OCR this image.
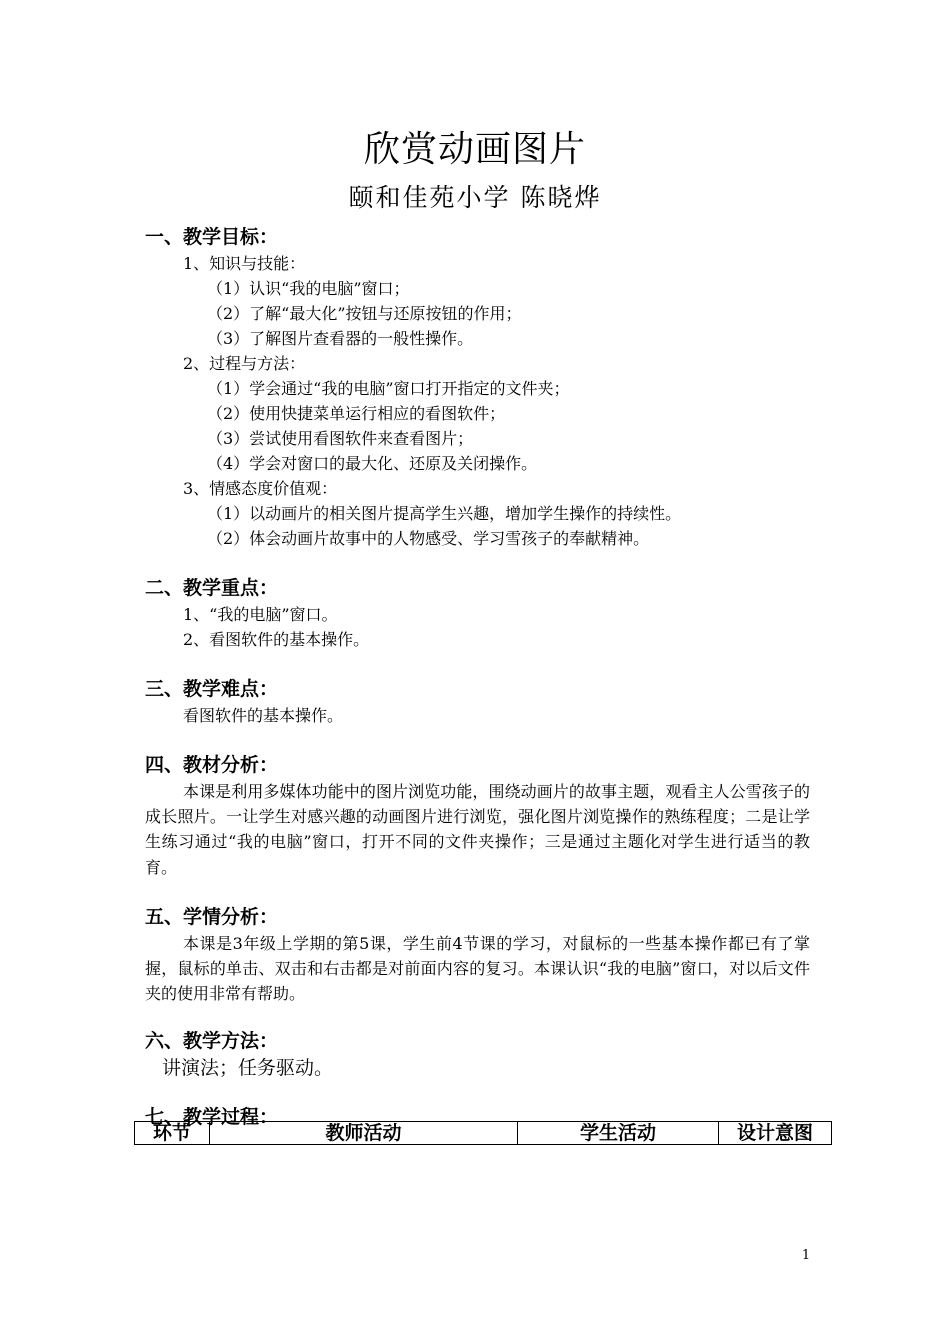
欣赏动画图片
颐和佳苑小学 陈晓烨
一、教学目标：
1、知识与技能：
（1）认识“我的电脑”窗口；
（2）了解“最大化”按钮与还原按钮的作用；
（3）了解图片查看器的一般性操作。
2、过程与方法：
（1）学会通过“我的电脑”窗口打开指定的文件夹；
（2）使用快捷菜单运行相应的看图软件；
（3）尝试使用看图软件来查看图片；
（4）学会对窗口的最大化、还原及关闭操作。
3、情感态度价值观：
（1）以动画片的相关图片提高学生兴趣，增加学生操作的持续性。
（2）体会动画片故事中的人物感受、学习雪孩子的奉献精神。
二、教学重点：
1、“我的电脑”窗口。
2、看图软件的基本操作。
三、教学难点：
看图软件的基本操作。
四、教材分析：

本课是利用多媒体功能中的图片浏览功能，围绕动画片的故事主题，观看主人公雪孩子的成长照片。一让学生对感兴趣的动画图片进行浏览，强化图片浏览操作的熟练程度；二是让学生练习通过“我的电脑”窗口，打开不同的文件夹操作；三是通过主题化对学生进行适当的教育。

五、学情分析：

本课是3年级上学期的第5课，学生前4节课的学习，对鼠标的一些基本操作都已有了掌握，鼠标的单击、双击和右击都是对前面内容的复习。本课认识“我的电脑”窗口，对以后文件夹的使用非常有帮助。

六、教学方法：
讲演法；任务驱动。
七、教学过程：
环节	教师活动	学生活动	设计意图
1
